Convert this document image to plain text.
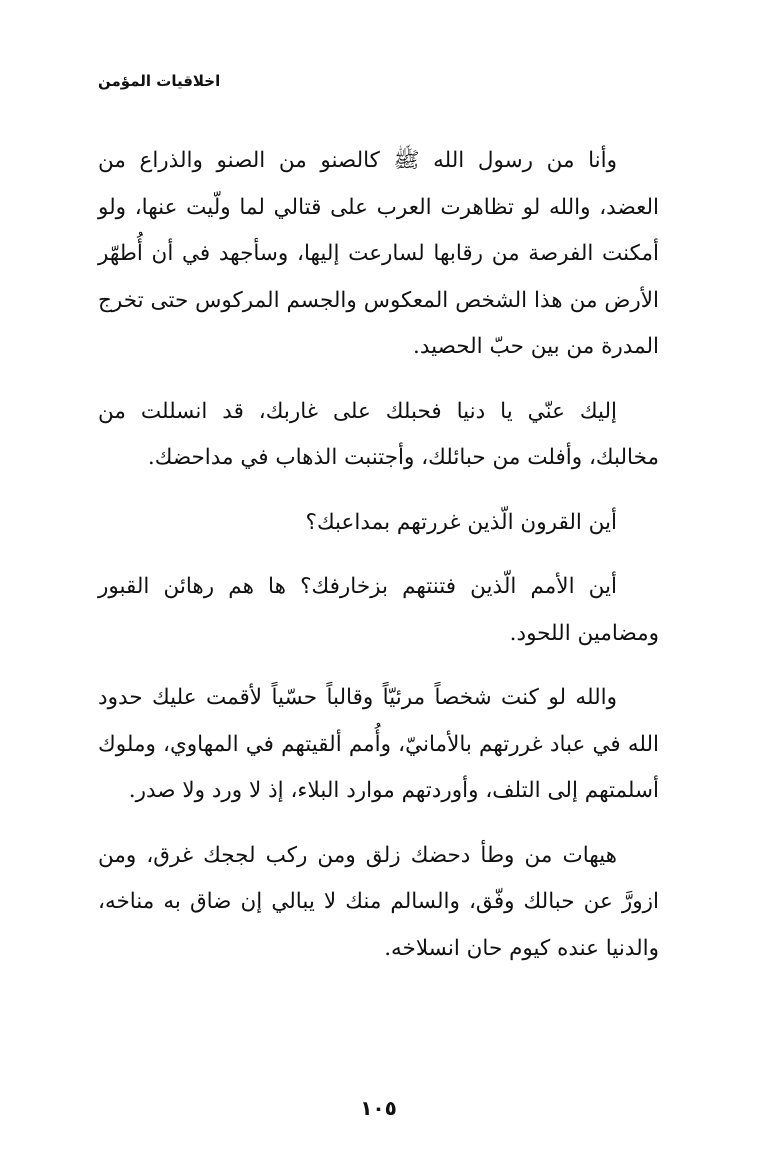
اخلاقيات المؤمن

وأنا من رسول الله ﷺ كالصنو من الصنو والذراع من العضد، والله لو تظاهرت العرب على قتالي لما ولّيت عنها، ولو أمكنت الفرصة من رقابها لسارعت إليها، وسأجهد في أن أُطهّر الأرض من هذا الشخص المعكوس والجسم المركوس حتى تخرج المدرة من بين حبّ الحصيد.

إليك عنّي يا دنيا فحبلك على غاربك، قد انسللت من مخالبك، وأفلت من حبائلك، وأجتنبت الذهاب في مداحضك.

أين القرون الّذين غررتهم بمداعبك؟

أين الأمم الّذين فتنتهم بزخارفك؟ ها هم رهائن القبور ومضامين اللحود.

والله لو كنت شخصاً مرئيّاً وقالباً حسّياً لأقمت عليك حدود الله في عباد غررتهم بالأمانيّ، وأُمم ألقيتهم في المهاوي، وملوك أسلمتهم إلى التلف، وأوردتهم موارد البلاء، إذ لا ورد ولا صدر.

هيهات من وطأ دحضك زلق ومن ركب لججك غرق، ومن ازورَّ عن حبالك وفّق، والسالم منك لا يبالي إن ضاق به مناخه، والدنيا عنده كيوم حان انسلاخه.

١٠٥
